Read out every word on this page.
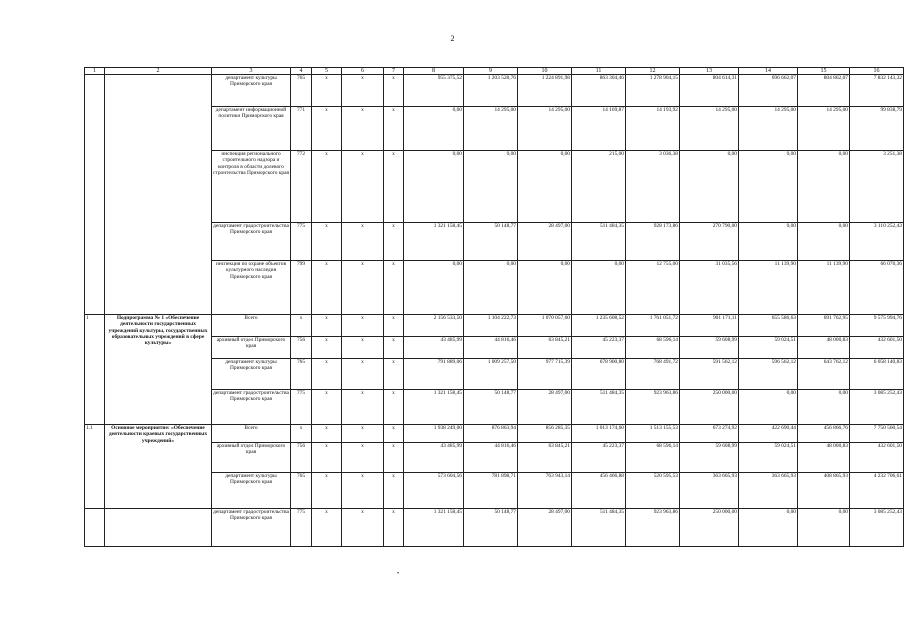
2
1	2	3	4	5	6	7	8	9	10	11	12	13	14	15	16
		департамент культуры Приморского края	765	x	x	x	955 375,52	1 203 528,76	1 224 891,98	863 304,46	1 278 904,15	804 614,31	696 662,07	804 862,07	7 832 143,32
		департамент информационной политики Приморского края	771	x	x	x	0,00	14 295,00	14 295,00	14 169,87	14 193,92	14 295,00	14 295,00	14 295,00	99 838,79
		инспекция регионального строительного надзора и контроля в области долевого строительства Приморского края	772	x	x	x	0,00	0,00	0,00	215,00	3 036,38	0,00	0,00	0,00	3 251,38
		департамент градостроительства Приморского края	775	x	x	x	1 321 158,45	50 148,77	28 497,00	511 484,35	928 173,86	270 790,00	0,00	0,00	3 110 252,43
		инспекция по охране объектов культурного наследия Приморского края	799	x	x	x	0,00	0,00	0,00	0,00	12 755,00	31 035,56	11 139,90	11 139,90	66 070,36
1	Подпрограмма № 1 «Обеспечение деятельности государственных учреждений культуры, государственных образовательных учреждений в сфере культуры»	Всего	x	x	x	x	2 156 533,50	1 104 222,73	1 070 057,60	1 235 608,52	1 761 051,72	901 171,11	655 586,63	691 762,95	9 575 994,76
		архивный отдел Приморского края	756	x	x	x	43 485,99	44 816,46	63 845,21	45 223,37	68 596,14	59 608,99	59 024,51	48 000,83	432 601,50
		департамент культуры Приморского края	765	x	x	x	791 889,06	1 009 257,50	977 715,39	678 900,80	768 491,72	591 562,12	596 562,12	643 762,12	6 058 140,83
		департамент градостроительства Приморского края	775	x	x	x	1 321 158,45	50 148,77	28 497,00	511 484,35	923 963,86	250 000,00	0,00	0,00	3 085 252,43
1.1	Основное мероприятие: «Обеспечение деятельности краевых государственных учреждений»	Всего	x	x	x	x	1 938 249,00	876 863,94	856 285,35	1 013 174,60	1 513 155,53	673 274,92	422 690,44	456 866,76	7 750 560,54
		архивный отдел Приморского края	756	x	x	x	43 485,99	44 816,46	63 845,21	45 223,37	68 596,14	59 608,99	59 024,51	48 000,83	432 601,50
		департамент культуры Приморского края	765	x	x	x	573 604,56	781 898,71	763 943,14	456 466,88	520 595,53	363 665,93	363 665,93	408 865,93	4 232 706,61
		департамент градостроительства Приморского края	775	x	x	x	1 321 158,45	50 148,77	28 497,00	511 484,35	923 963,86	250 000,00	0,00	0,00	3 085 252,43
•
